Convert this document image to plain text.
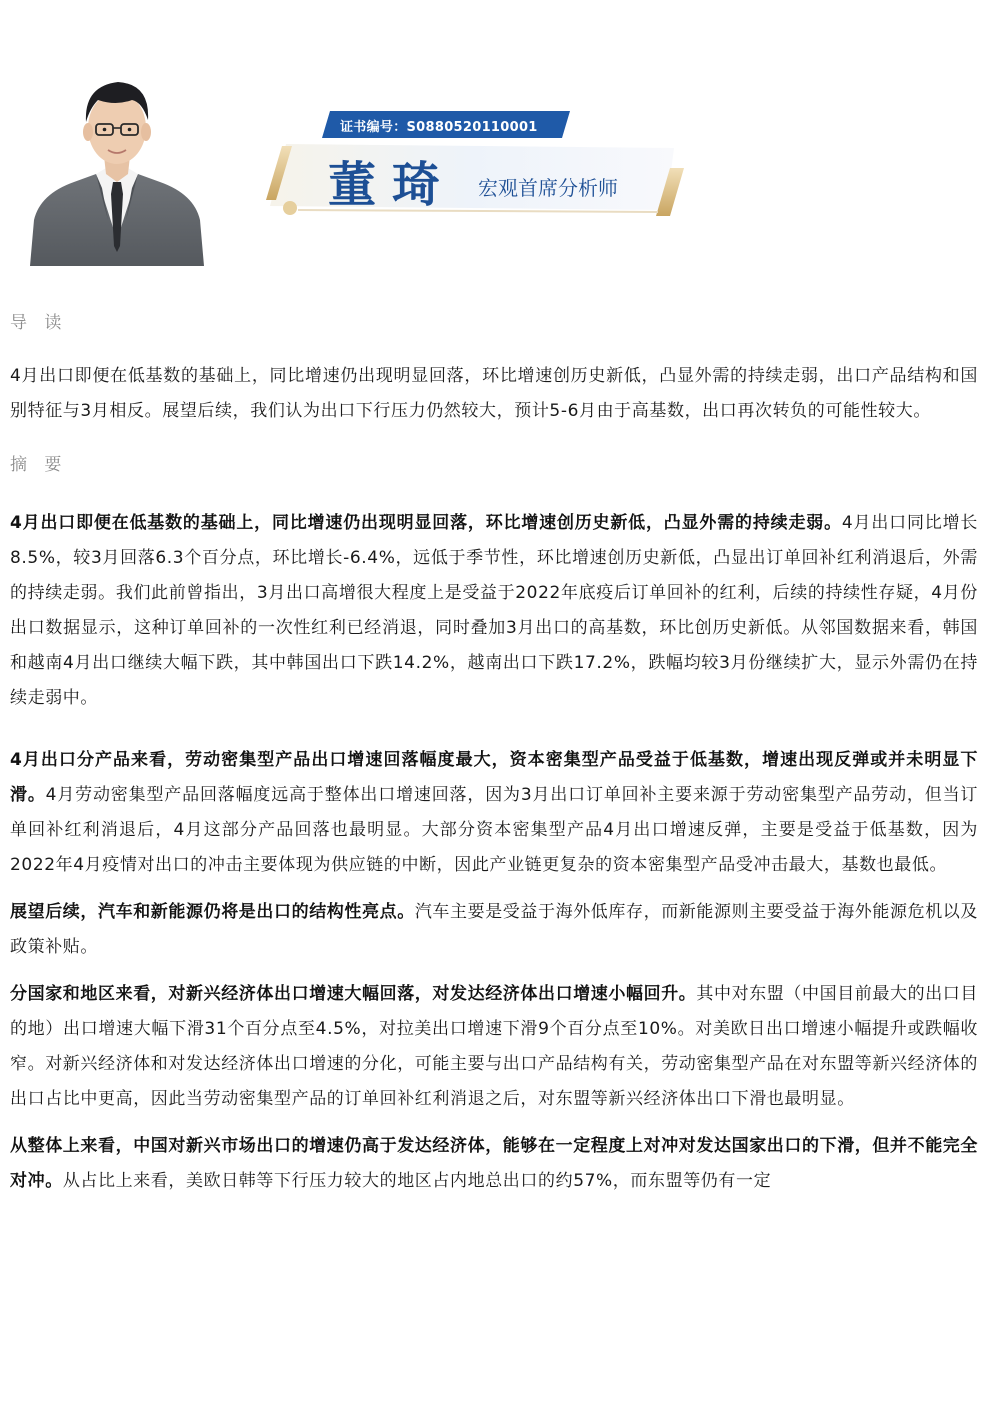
证书编号：S0880520110001
董琦 宏观首席分析师
导 读

4月出口即便在低基数的基础上，同比增速仍出现明显回落，环比增速创历史新低，凸显外需的持续走弱，出口产品结构和国别特征与3月相反。展望后续，我们认为出口下行压力仍然较大，预计5-6月由于高基数，出口再次转负的可能性较大。

摘 要

4月出口即便在低基数的基础上，同比增速仍出现明显回落，环比增速创历史新低，凸显外需的持续走弱。4月出口同比增长8.5%，较3月回落6.3个百分点，环比增长-6.4%，远低于季节性，环比增速创历史新低，凸显出订单回补红利消退后，外需的持续走弱。我们此前曾指出，3月出口高增很大程度上是受益于2022年底疫后订单回补的红利，后续的持续性存疑，4月份出口数据显示，这种订单回补的一次性红利已经消退，同时叠加3月出口的高基数，环比创历史新低。从邻国数据来看，韩国和越南4月出口继续大幅下跌，其中韩国出口下跌14.2%，越南出口下跌17.2%，跌幅均较3月份继续扩大，显示外需仍在持续走弱中。

4月出口分产品来看，劳动密集型产品出口增速回落幅度最大，资本密集型产品受益于低基数，增速出现反弹或并未明显下滑。4月劳动密集型产品回落幅度远高于整体出口增速回落，因为3月出口订单回补主要来源于劳动密集型产品劳动，但当订单回补红利消退后，4月这部分产品回落也最明显。大部分资本密集型产品4月出口增速反弹，主要是受益于低基数，因为2022年4月疫情对出口的冲击主要体现为供应链的中断，因此产业链更复杂的资本密集型产品受冲击最大，基数也最低。

展望后续，汽车和新能源仍将是出口的结构性亮点。汽车主要是受益于海外低库存，而新能源则主要受益于海外能源危机以及政策补贴。

分国家和地区来看，对新兴经济体出口增速大幅回落，对发达经济体出口增速小幅回升。其中对东盟（中国目前最大的出口目的地）出口增速大幅下滑31个百分点至4.5%，对拉美出口增速下滑9个百分点至10%。对美欧日出口增速小幅提升或跌幅收窄。对新兴经济体和对发达经济体出口增速的分化，可能主要与出口产品结构有关，劳动密集型产品在对东盟等新兴经济体的出口占比中更高，因此当劳动密集型产品的订单回补红利消退之后，对东盟等新兴经济体出口下滑也最明显。

从整体上来看，中国对新兴市场出口的增速仍高于发达经济体，能够在一定程度上对冲对发达国家出口的下滑，但并不能完全对冲。从占比上来看，美欧日韩等下行压力较大的地区占内地总出口的约57%，而东盟等仍有一定
